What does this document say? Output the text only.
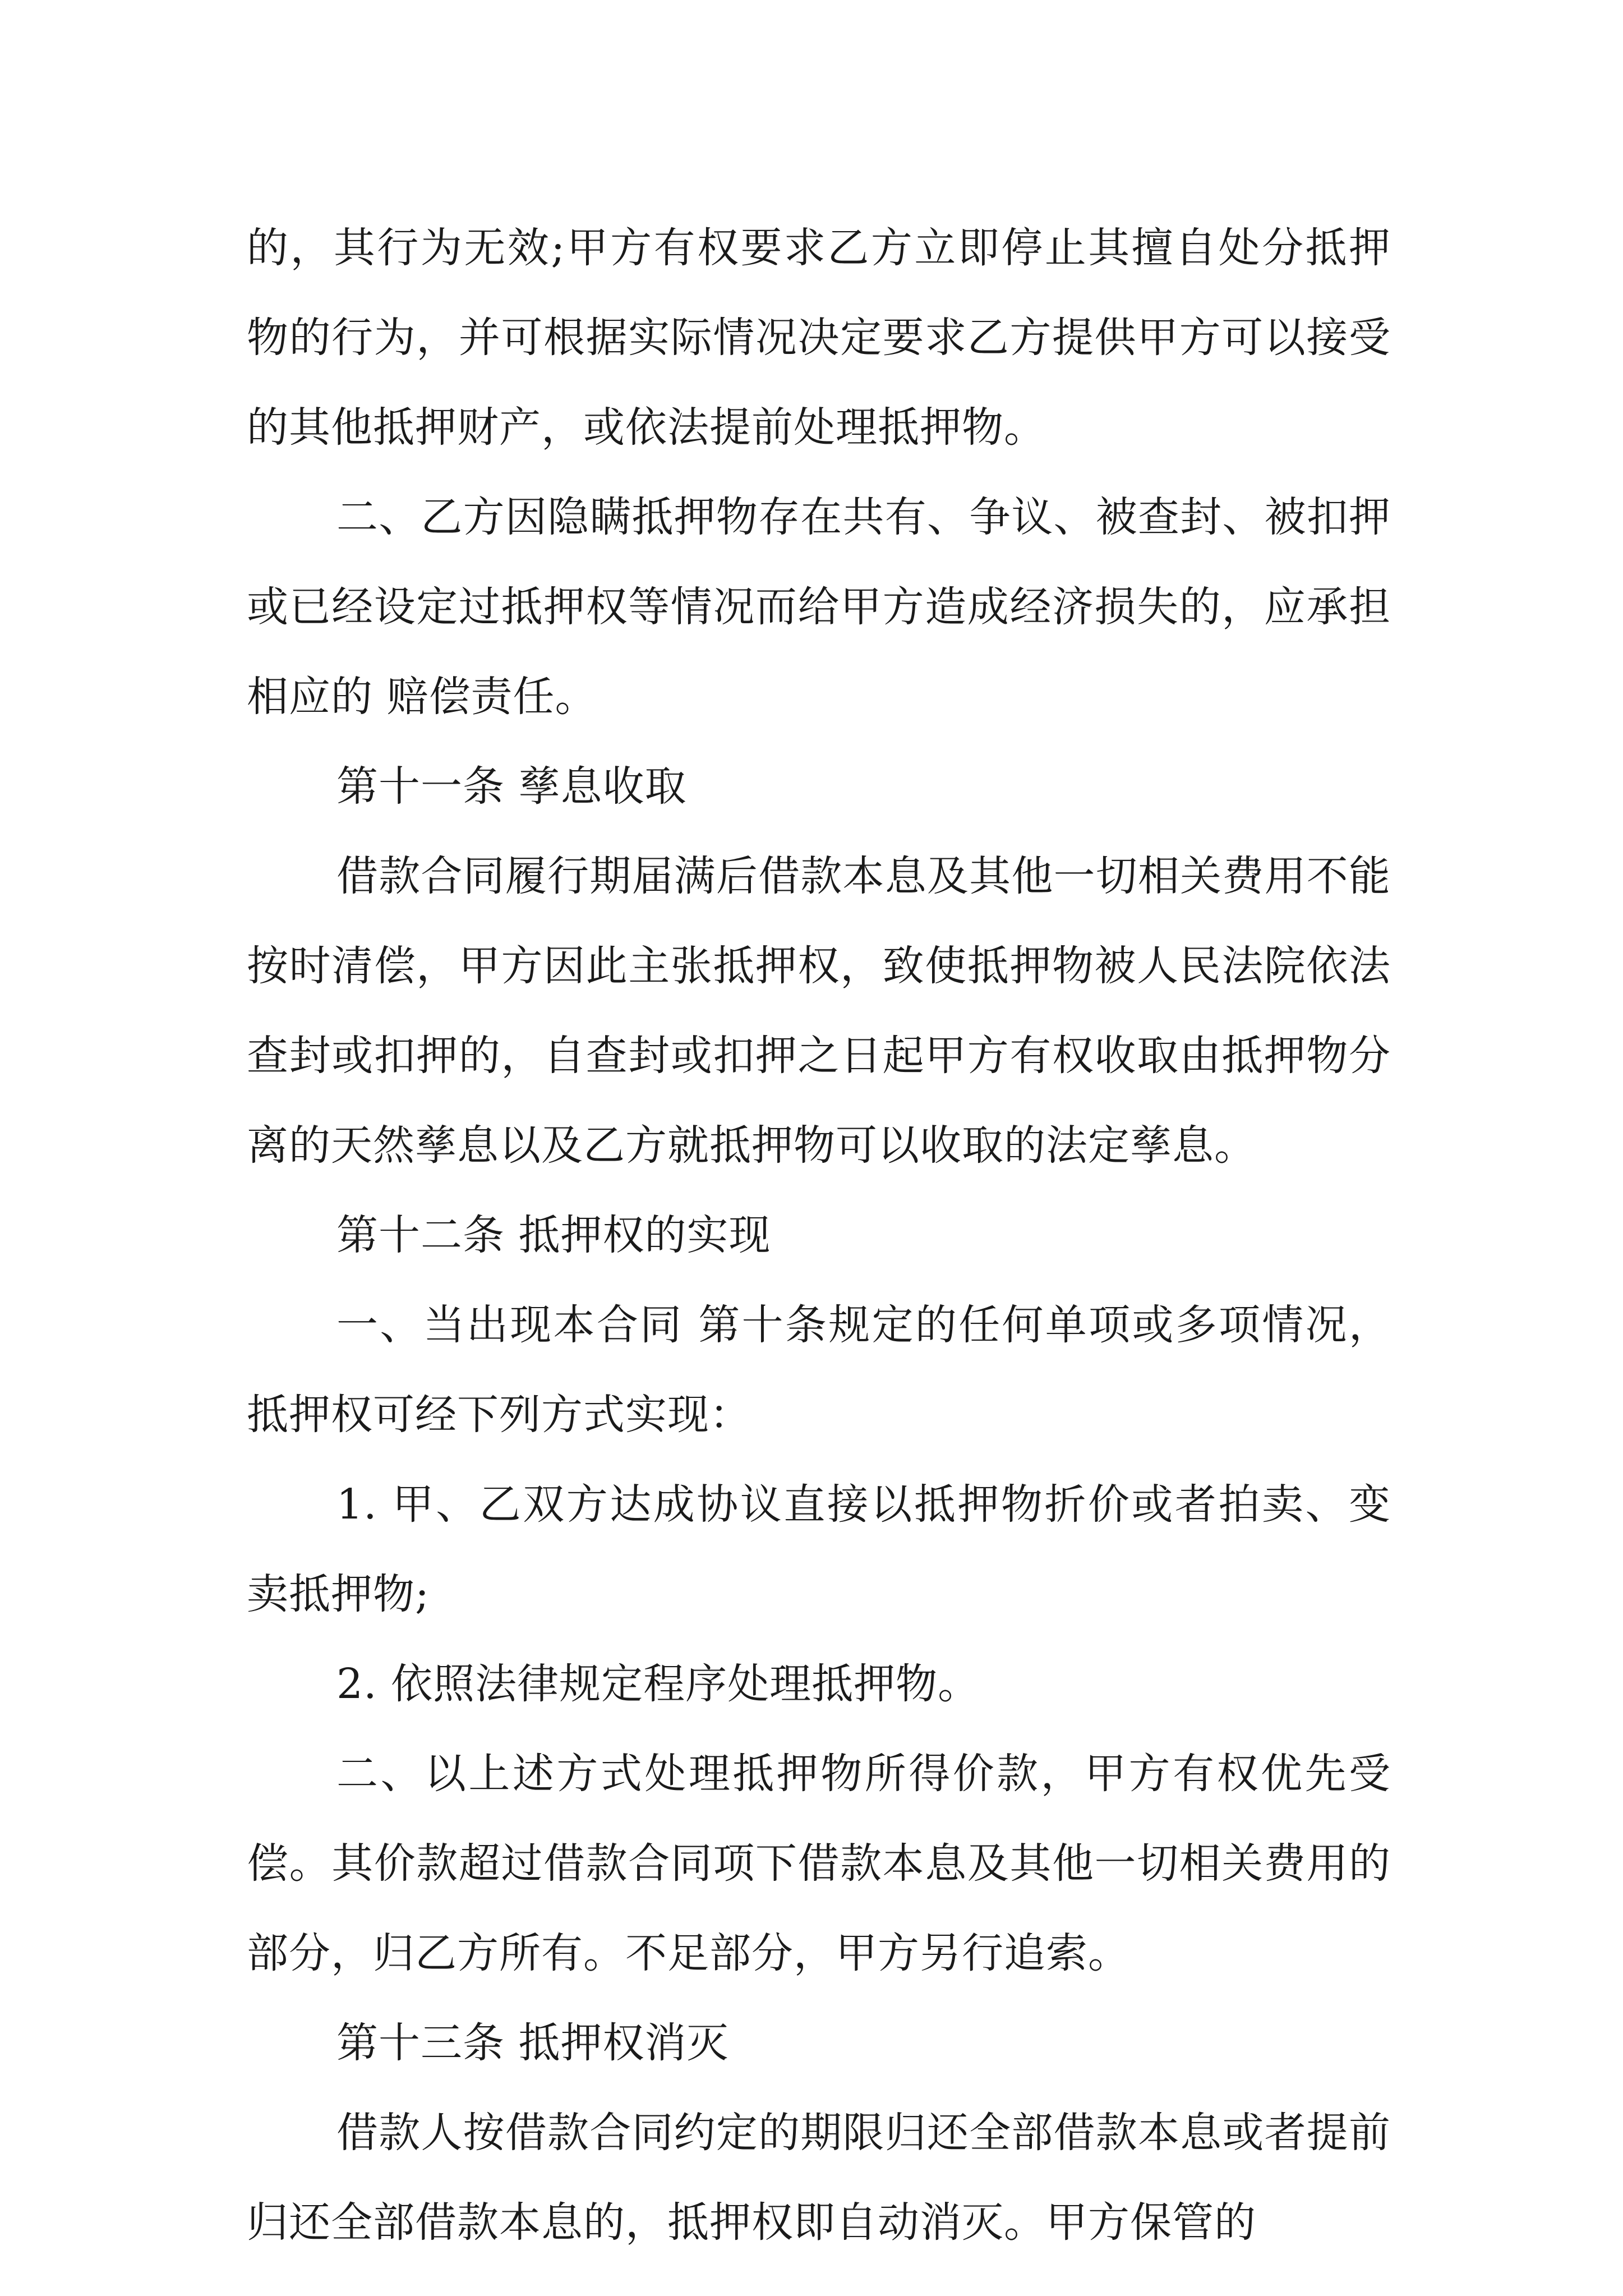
的，其行为无效;甲方有权要求乙方立即停止其擅自处分抵押物的行为，并可根据实际情况决定要求乙方提供甲方可以接受的其他抵押财产，或依法提前处理抵押物。

二、乙方因隐瞒抵押物存在共有、争议、被查封、被扣押或已经设定过抵押权等情况而给甲方造成经济损失的，应承担相应的 赔偿责任。

第十一条 孳息收取

借款合同履行期届满后借款本息及其他一切相关费用不能按时清偿，甲方因此主张抵押权，致使抵押物被人民法院依法查封或扣押的，自查封或扣押之日起甲方有权收取由抵押物分离的天然孳息以及乙方就抵押物可以收取的法定孳息。

第十二条 抵押权的实现

一、当出现本合同 第十条规定的任何单项或多项情况，抵押权可经下列方式实现：

1. 甲、乙双方达成协议直接以抵押物折价或者拍卖、变卖抵押物;

2. 依照法律规定程序处理抵押物。

二、以上述方式处理抵押物所得价款，甲方有权优先受偿。其价款超过借款合同项下借款本息及其他一切相关费用的部分，归乙方所有。不足部分，甲方另行追索。

第十三条 抵押权消灭

借款人按借款合同约定的期限归还全部借款本息或者提前归还全部借款本息的，抵押权即自动消灭。甲方保管的
